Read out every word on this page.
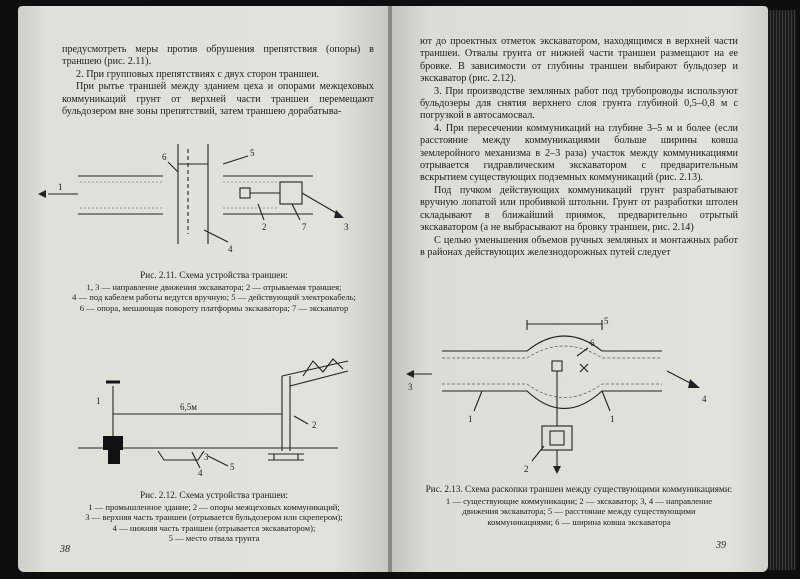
предусмотреть меры против обрушения препятствия (опоры) в траншею (рис. 2.11).

2. При групповых препятствиях с двух сторон траншеи.

При рытье траншей между зданием цеха и опорами межцеховых коммуникаций грунт от верхней части траншеи перемещают бульдозером вне зоны препятствий, затем траншею дорабатыва-

1
2	3
4
5
6
7
Рис. 2.11. Схема устройства траншеи:
1, 3 — направление движения экскаватора; 2 — отрываемая траншея;
4 — под кабелем работы ведутся вручную; 5 — действующий электрокабель;
6 — опора, мешающая повороту платформы экскаватора; 7 — экскаватор
6,5м
1
2
3
4
5
Рис. 2.12. Схема устройства траншеи:
1 — промышленное здание; 2 — опоры межцеховых коммуникаций;
3 — верхняя часть траншеи (отрывается бульдозером или скрепером);
4 — нижняя часть траншеи (отрывается экскаватором);
5 — место отвала грунта
38

ют до проектных отметок экскаватором, находящимся в верхней части траншеи. Отвалы грунта от нижней части траншеи размещают на ее бровке. В зависимости от глубины траншеи выбирают бульдозер и экскаватор (рис. 2.12).

3. При производстве земляных работ под трубопроводы используют бульдозеры для снятия верхнего слоя грунта глубиной 0,5–0,8 м с погрузкой в автосамосвал.

4. При пересечении коммуникаций на глубине 3–5 м и более (если расстояние между коммуникациями больше ширины ковша землеройного механизма в 2–3 раза) участок между коммуникациями отрывается гидравлическим экскаватором с предварительным вскрытием существующих подземных коммуникаций (рис. 2.13).

Под пучком действующих коммуникаций грунт разрабатывают вручную лопатой или пробивкой штольни. Грунт от разработки штолен складывают в ближайший приямок, предварительно отрытый экскаватором (а не выбрасывают на бровку траншеи, рис. 2.14)

С целью уменьшения объемов ручных земляных и монтажных работ в районах действующих железнодорожных путей следует

3
4
5
6
1	1
2
Рис. 2.13. Схема раскопки траншеи между существующими коммуникациями:
1 — существующие коммуникации; 2 — экскаватор; 3, 4 — направление
движения экскаватора; 5 — расстояние между существующими
коммуникациями; 6 — ширина ковша экскаватора
39
